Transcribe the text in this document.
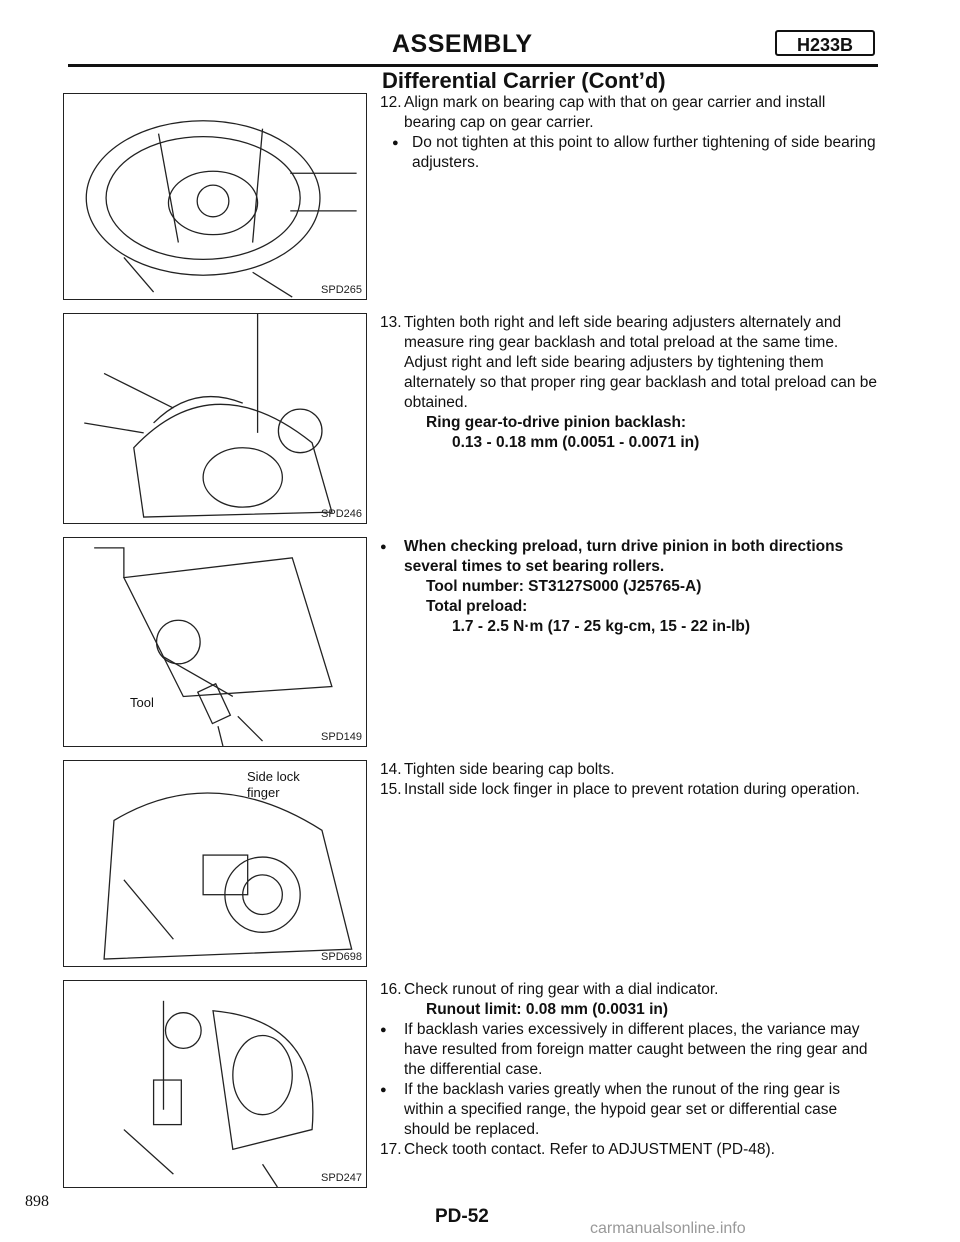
ASSEMBLY	H233B
Differential Carrier (Cont’d)
SPD265
SPD246
Tool
SPD149
Side lock
finger
SPD698
SPD247

12. Align mark on bearing cap with that on gear carrier and install bearing cap on gear carrier.

● Do not tighten at this point to allow further tightening of side bearing adjusters.

13. Tighten both right and left side bearing adjusters alternately and measure ring gear backlash and total preload at the same time. Adjust right and left side bearing adjusters by tightening them alternately so that proper ring gear backlash and total preload can be obtained.

Ring gear-to-drive pinion backlash:

0.13 - 0.18 mm (0.0051 - 0.0071 in)

● When checking preload, turn drive pinion in both directions several times to set bearing rollers.

Tool number: ST3127S000 (J25765-A)

Total preload:

1.7 - 2.5 N·m (17 - 25 kg-cm, 15 - 22 in-lb)

14. Tighten side bearing cap bolts.

15. Install side lock finger in place to prevent rotation during operation.

16. Check runout of ring gear with a dial indicator.

Runout limit: 0.08 mm (0.0031 in)

● If backlash varies excessively in different places, the variance may have resulted from foreign matter caught between the ring gear and the differential case.

● If the backlash varies greatly when the runout of the ring gear is within a specified range, the hypoid gear set or differential case should be replaced.

17. Check tooth contact. Refer to ADJUSTMENT (PD-48).

898
PD-52
carmanualsonline.info
